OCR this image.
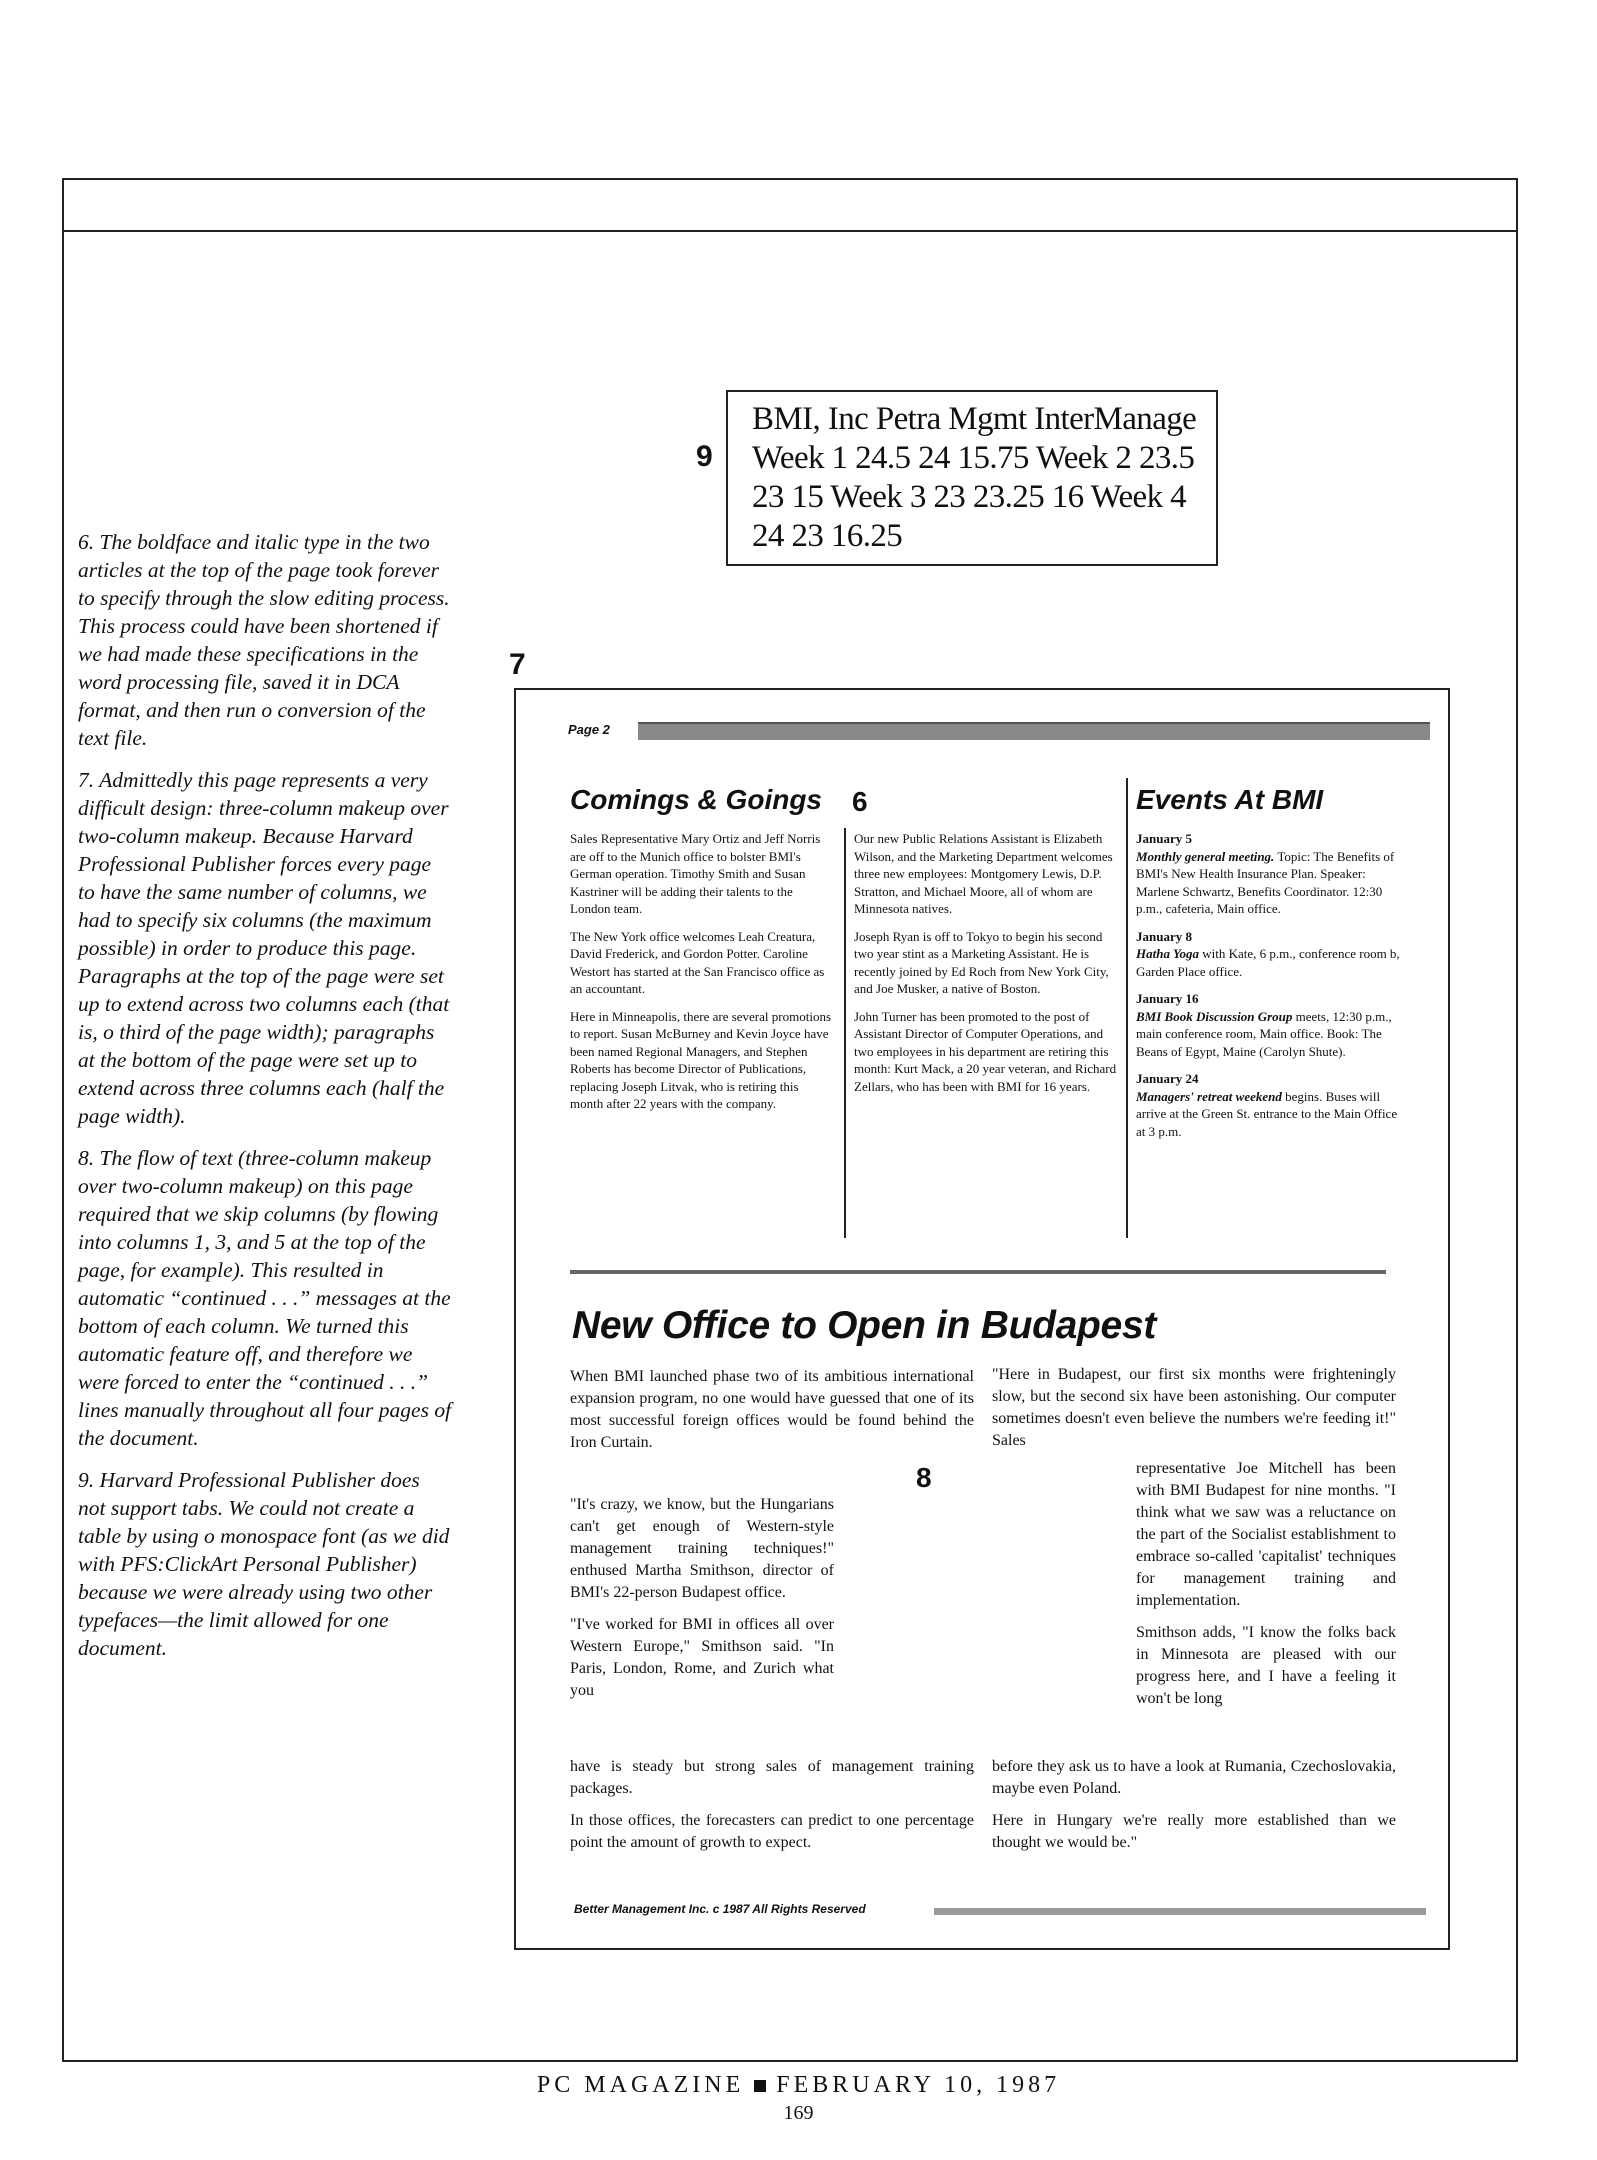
9
BMI, Inc Petra Mgmt InterManage
Week 1 24.5 24 15.75 Week 2 23.5
23 15 Week 3 23 23.25 16 Week 4
24 23 16.25

6. The boldface and italic type in the two articles at the top of the page took forever to specify through the slow editing process. This process could have been shortened if we had made these specifications in the word processing file, saved it in DCA format, and then run o conversion of the text file.

7. Admittedly this page represents a very difficult design: three-column makeup over two-column makeup. Because Harvard Professional Publisher forces every page to have the same number of columns, we had to specify six columns (the maximum possible) in order to produce this page. Paragraphs at the top of the page were set up to extend across two columns each (that is, o third of the page width); paragraphs at the bottom of the page were set up to extend across three columns each (half the page width).

8. The flow of text (three-column makeup over two-column makeup) on this page required that we skip columns (by flowing into columns 1, 3, and 5 at the top of the page, for example). This resulted in automatic “continued . . .” messages at the bottom of each column. We turned this automatic feature off, and therefore we were forced to enter the “continued . . .” lines manually throughout all four pages of the document.

9. Harvard Professional Publisher does not support tabs. We could not create a table by using o monospace font (as we did with PFS:ClickArt Personal Publisher) because we were already using two other typefaces—the limit allowed for one document.

7
Page 2
Comings & Goings 6	Events At BMI

Sales Representative Mary Ortiz and Jeff Norris are off to the Munich office to bolster BMI's German operation. Timothy Smith and Susan Kastriner will be adding their talents to the London team.

The New York office welcomes Leah Creatura, David Frederick, and Gordon Potter. Caroline Westort has started at the San Francisco office as an accountant.

Here in Minneapolis, there are several promotions to report. Susan McBurney and Kevin Joyce have been named Regional Managers, and Stephen Roberts has become Director of Publications, replacing Joseph Litvak, who is retiring this month after 22 years with the company.

Our new Public Relations Assistant is Elizabeth Wilson, and the Marketing Department welcomes three new employees: Montgomery Lewis, D.P. Stratton, and Michael Moore, all of whom are Minnesota natives.

Joseph Ryan is off to Tokyo to begin his second two year stint as a Marketing Assistant. He is recently joined by Ed Roch from New York City, and Joe Musker, a native of Boston.

John Turner has been promoted to the post of Assistant Director of Computer Operations, and two employees in his department are retiring this month: Kurt Mack, a 20 year veteran, and Richard Zellars, who has been with BMI for 16 years.

January 5
Monthly general meeting. Topic: The Benefits of BMI's New Health Insurance Plan. Speaker: Marlene Schwartz, Benefits Coordinator. 12:30 p.m., cafeteria, Main office.

January 8
Hatha Yoga with Kate, 6 p.m., conference room b, Garden Place office.

January 16
BMI Book Discussion Group meets, 12:30 p.m., main conference room, Main office. Book: The Beans of Egypt, Maine (Carolyn Shute).

January 24
Managers' retreat weekend begins. Buses will arrive at the Green St. entrance to the Main Office at 3 p.m.

New Office to Open in Budapest

When BMI launched phase two of its ambitious international expansion program, no one would have guessed that one of its most successful foreign offices would be found behind the Iron Curtain.

8

"It's crazy, we know, but the Hungarians can't get enough of Western-style management training techniques!" enthused Martha Smithson, director of BMI's 22-person Budapest office.

"I've worked for BMI in offices all over Western Europe," Smithson said. "In Paris, London, Rome, and Zurich what you

have is steady but strong sales of management training packages.

In those offices, the forecasters can predict to one percentage point the amount of growth to expect.

"Here in Budapest, our first six months were frighteningly slow, but the second six have been astonishing. Our computer sometimes doesn't even believe the numbers we're feeding it!" Sales

representative Joe Mitchell has been with BMI Budapest for nine months. "I think what we saw was a reluctance on the part of the Socialist establishment to embrace so-called 'capitalist' techniques for management training and implementation.

Smithson adds, "I know the folks back in Minnesota are pleased with our progress here, and I have a feeling it won't be long

before they ask us to have a look at Rumania, Czechoslovakia, maybe even Poland.

Here in Hungary we're really more established than we thought we would be."

Better Management Inc. c 1987 All Rights Reserved
PC MAGAZINE FEBRUARY 10, 1987
169
